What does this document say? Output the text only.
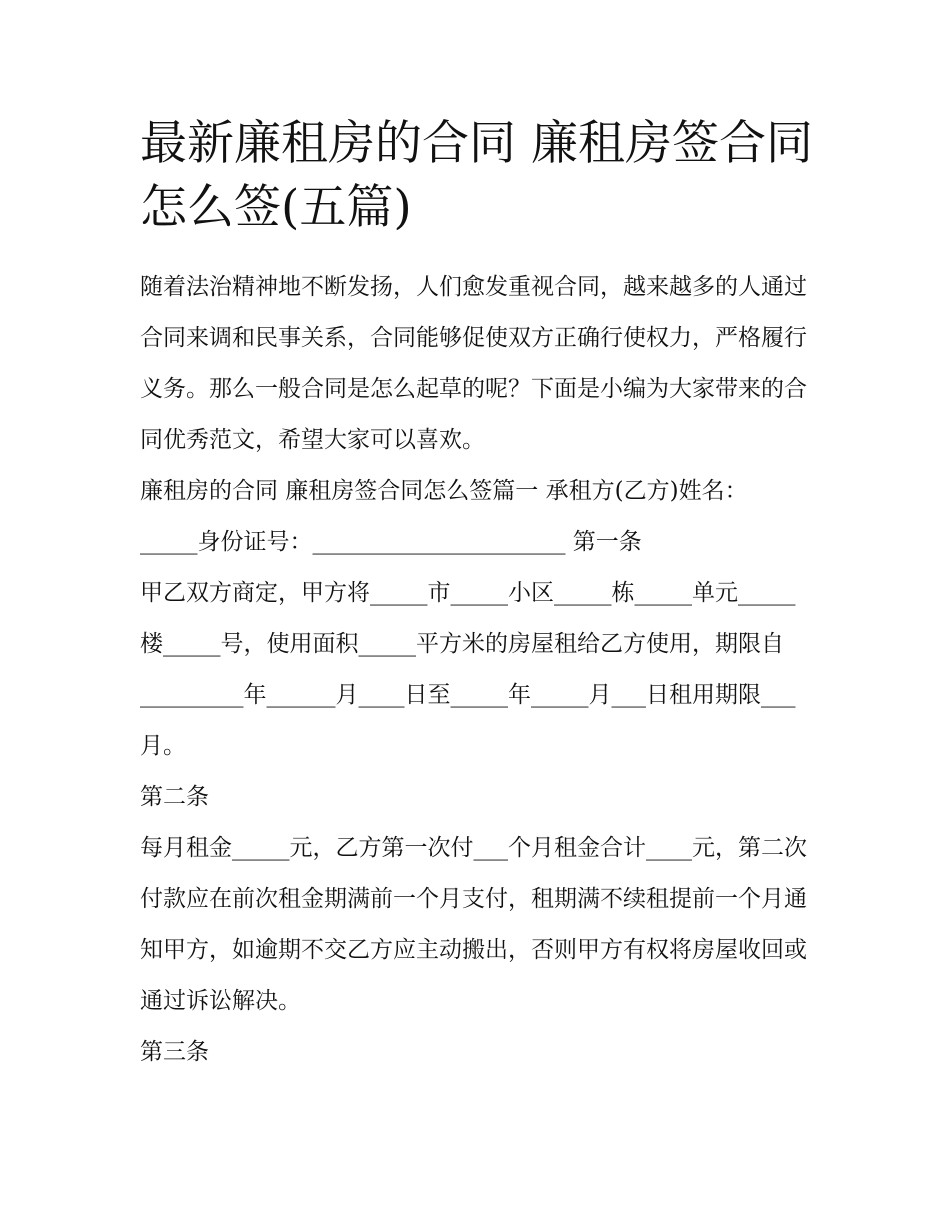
最新廉租房的合同 廉租房签合同怎么签(五篇)

随着法治精神地不断发扬，人们愈发重视合同，越来越多的人通过合同来调和民事关系，合同能够促使双方正确行使权力，严格履行义务。那么一般合同是怎么起草的呢？下面是小编为大家带来的合同优秀范文，希望大家可以喜欢。

廉租房的合同 廉租房签合同怎么签篇一 承租方(乙方)姓名：

_____身份证号：______________________ 第一条

甲乙双方商定，甲方将_____市_____小区_____栋_____单元_____楼_____号，使用面积_____平方米的房屋租给乙方使用，期限自_________年______月____日至_____年_____月___日租用期限___月。

第二条

每月租金_____元，乙方第一次付___个月租金合计____元，第二次付款应在前次租金期满前一个月支付，租期满不续租提前一个月通知甲方，如逾期不交乙方应主动搬出，否则甲方有权将房屋收回或通过诉讼解决。

第三条
